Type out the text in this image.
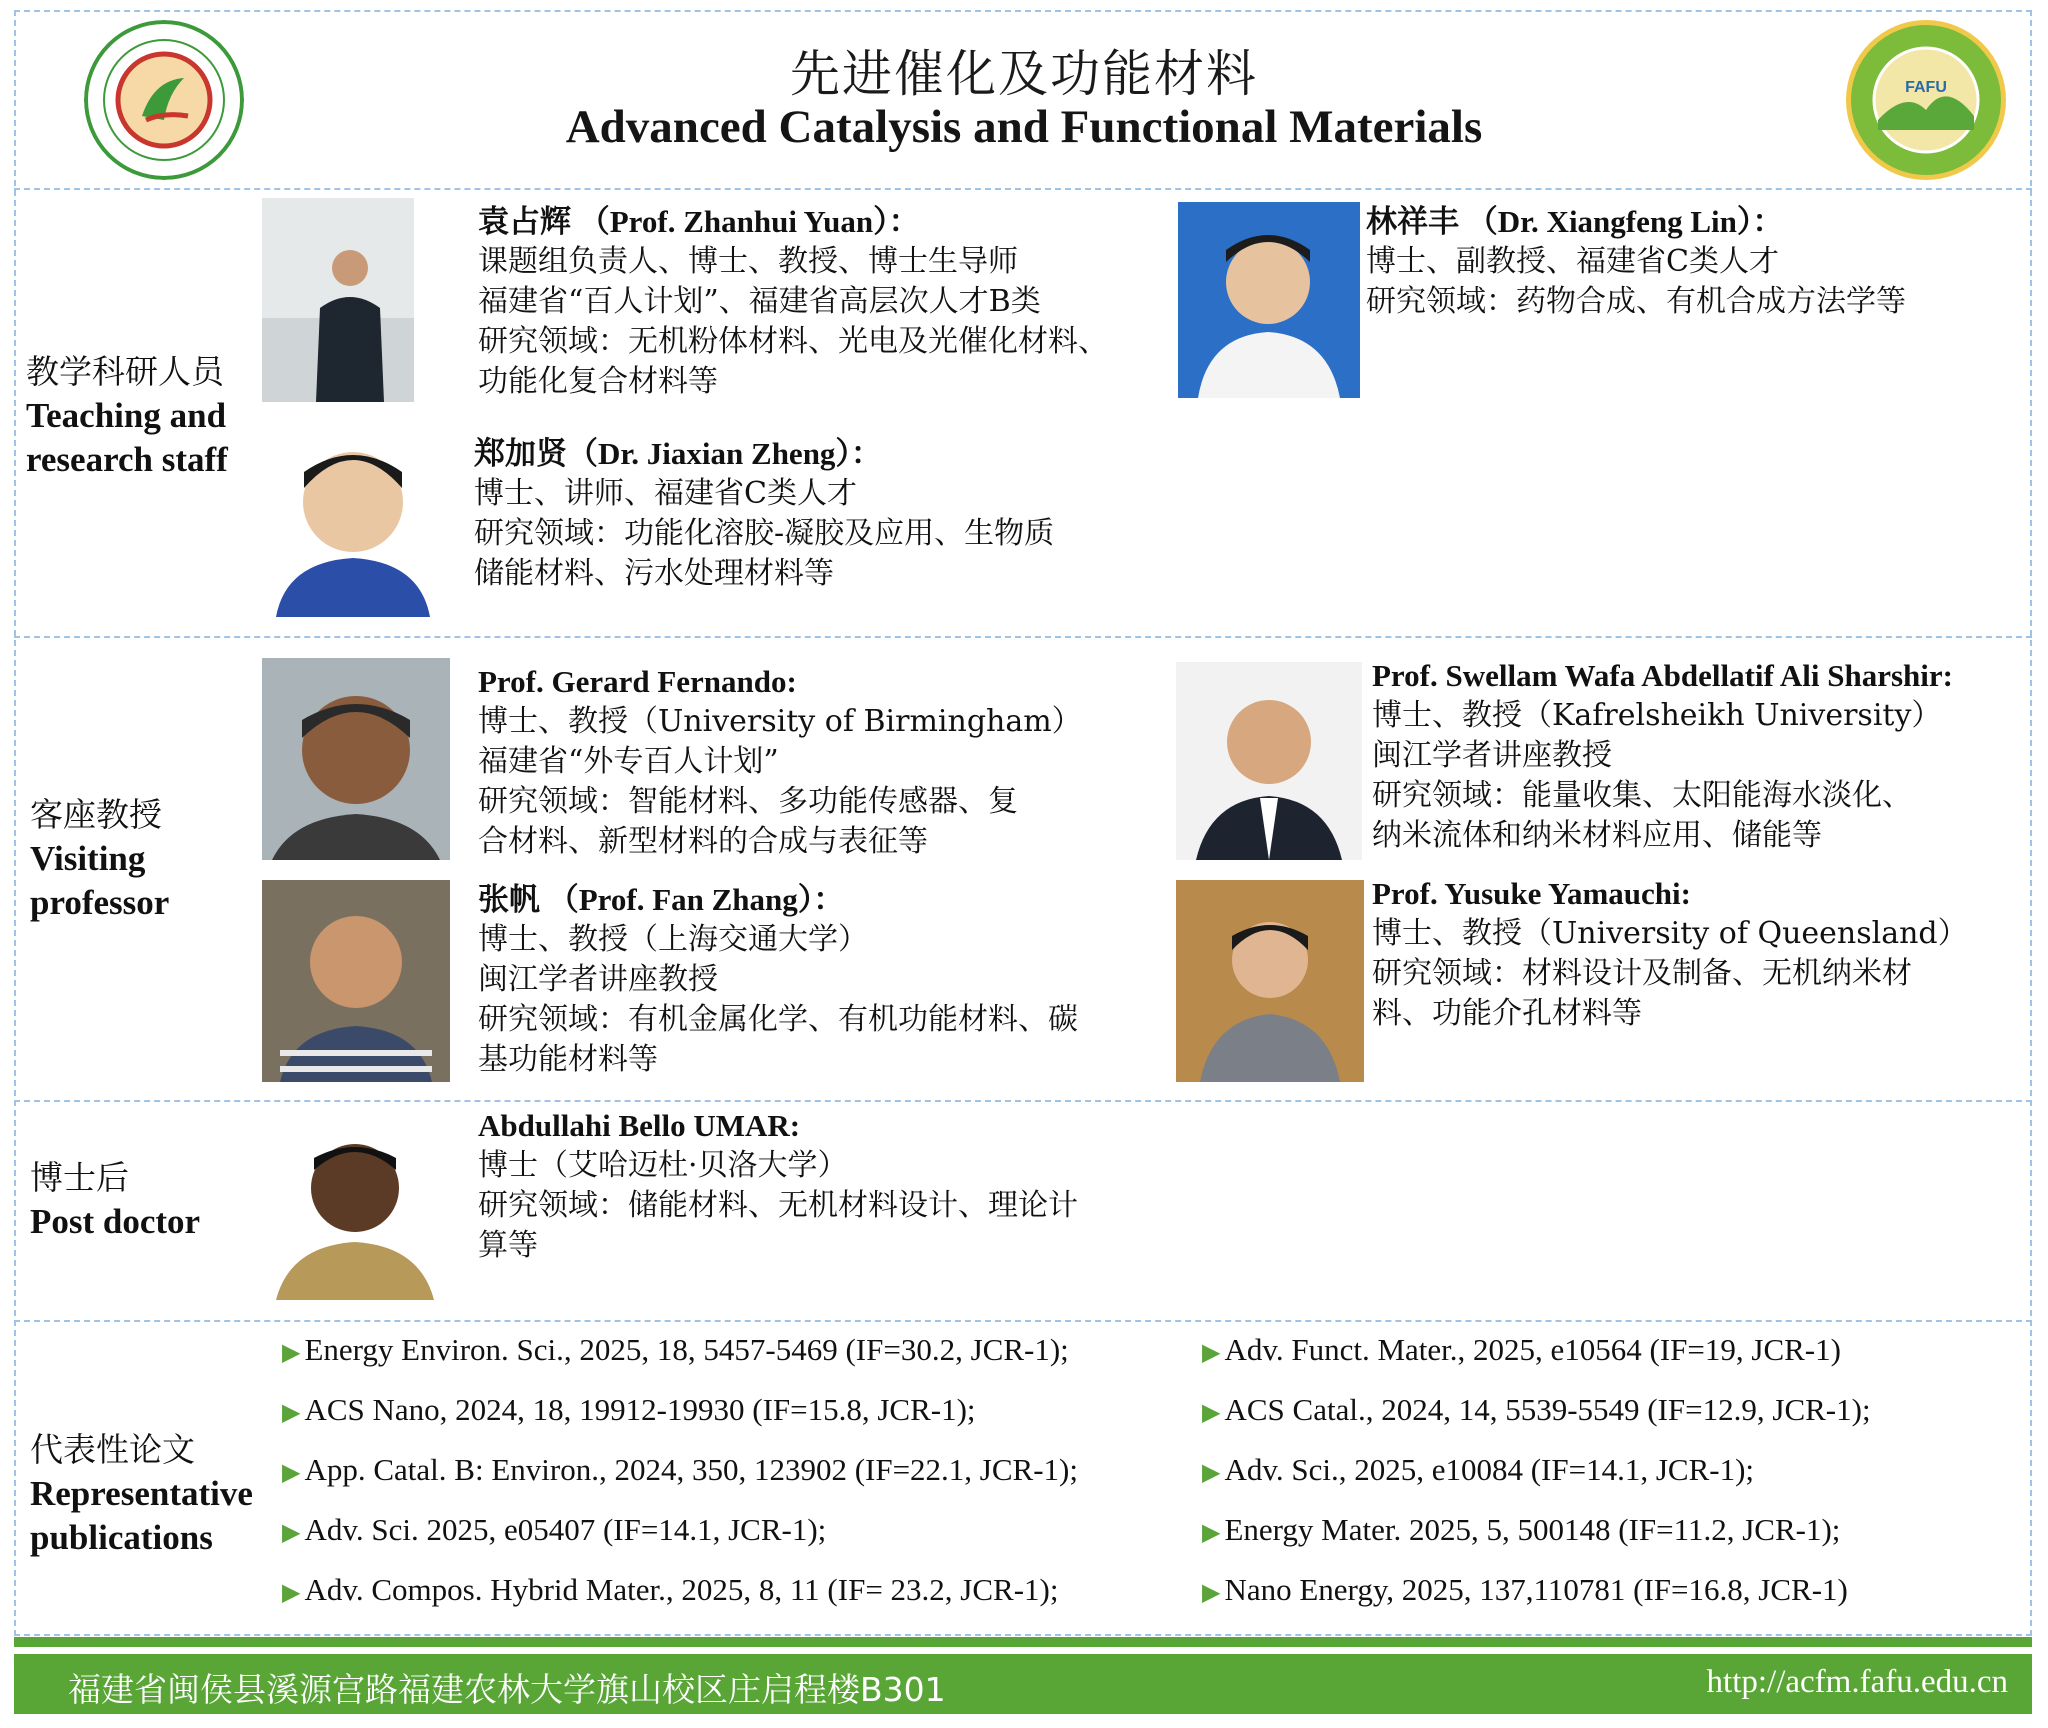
FAFU
先进催化及功能材料
Advanced Catalysis and Functional Materials
教学科研人员
Teaching and
research staff
客座教授
Visiting
professor
博士后
Post doctor
代表性论文
Representative
publications
袁占辉 （Prof. Zhanhui Yuan）：
课题组负责人、博士、教授、博士生导师
福建省“百人计划”、福建省高层次人才B类
研究领域：无机粉体材料、光电及光催化材料、
功能化复合材料等
林祥丰 （Dr. Xiangfeng Lin）：
博士、副教授、福建省C类人才
研究领域：药物合成、有机合成方法学等
郑加贤（Dr. Jiaxian Zheng）：
博士、讲师、福建省C类人才
研究领域：功能化溶胶-凝胶及应用、生物质
储能材料、污水处理材料等
Prof. Gerard Fernando:
博士、教授（University of Birmingham）
福建省“外专百人计划”
研究领域：智能材料、多功能传感器、复
合材料、新型材料的合成与表征等
Prof. Swellam Wafa Abdellatif Ali Sharshir:
博士、教授（Kafrelsheikh University）
闽江学者讲座教授
研究领域：能量收集、太阳能海水淡化、
纳米流体和纳米材料应用、储能等
张帆 （Prof. Fan Zhang）：
博士、教授（上海交通大学）
闽江学者讲座教授
研究领域：有机金属化学、有机功能材料、碳
基功能材料等
Prof. Yusuke Yamauchi:
博士、教授（University of Queensland）
研究领域：材料设计及制备、无机纳米材
料、功能介孔材料等
Abdullahi Bello UMAR:
博士（艾哈迈杜·贝洛大学）
研究领域：储能材料、无机材料设计、理论计
算等
▶ Energy Environ. Sci., 2025, 18, 5457-5469 (IF=30.2, JCR-1);
▶ ACS Nano, 2024, 18, 19912-19930 (IF=15.8, JCR-1);
▶ App. Catal. B: Environ., 2024, 350, 123902 (IF=22.1, JCR-1);
▶ Adv. Sci. 2025, e05407 (IF=14.1, JCR-1);
▶ Adv. Compos. Hybrid Mater., 2025, 8, 11 (IF= 23.2, JCR-1);
▶ Adv. Funct. Mater., 2025, e10564 (IF=19, JCR-1)
▶ ACS Catal., 2024, 14, 5539-5549 (IF=12.9, JCR-1);
▶ Adv. Sci., 2025, e10084 (IF=14.1, JCR-1);
▶ Energy Mater. 2025, 5, 500148 (IF=11.2, JCR-1);
▶ Nano Energy, 2025, 137,110781 (IF=16.8, JCR-1)
福建省闽侯县溪源宫路福建农林大学旗山校区庄启程楼B301	http://acfm.fafu.edu.cn
